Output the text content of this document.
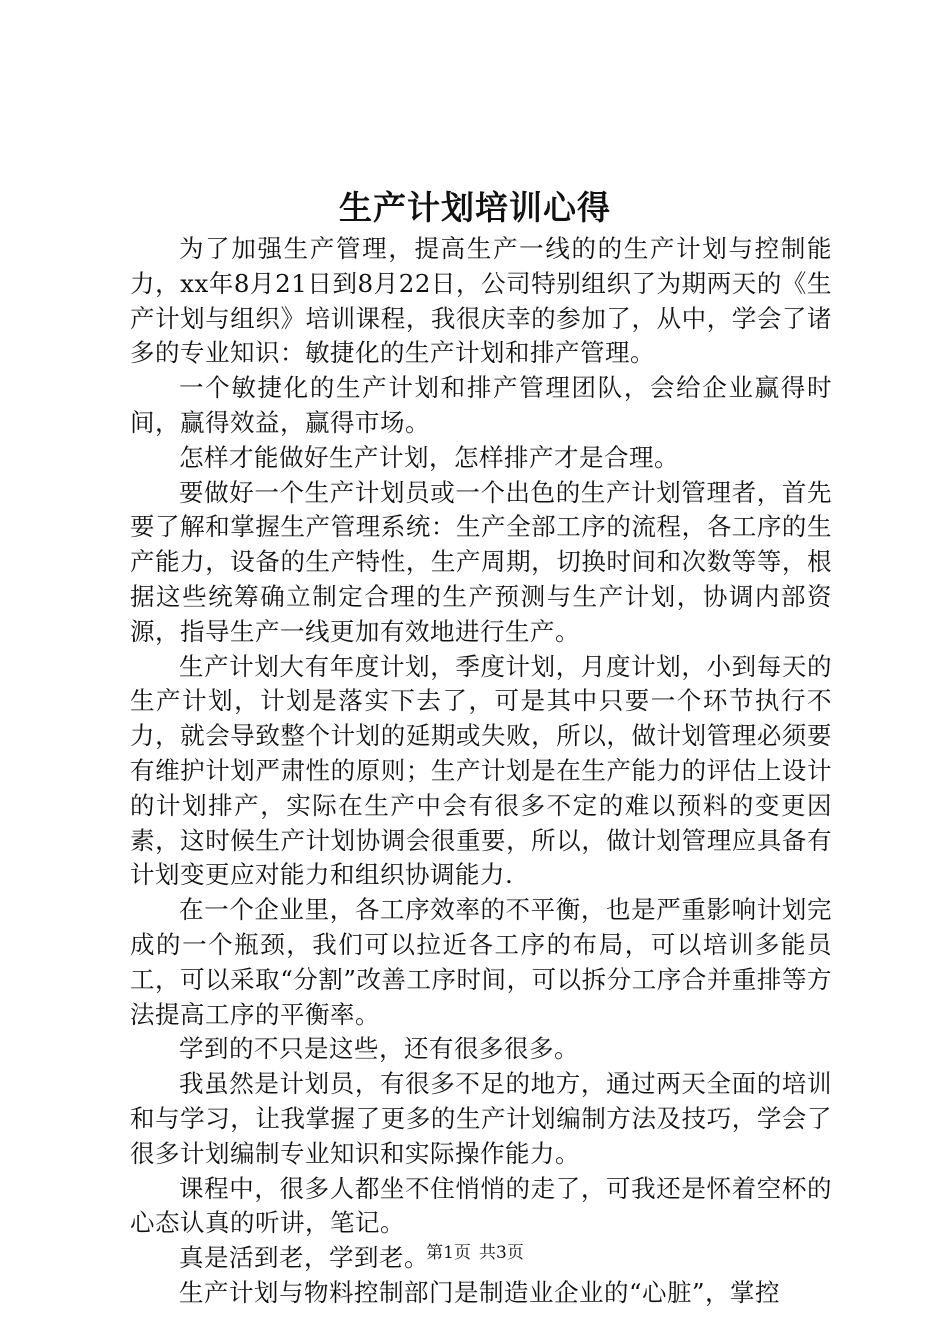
生产计划培训心得

为了加强生产管理，提高生产一线的的生产计划与控制能力，xx年8月21日到8月22日，公司特别组织了为期两天的《生产计划与组织》培训课程，我很庆幸的参加了，从中，学会了诸多的专业知识：敏捷化的生产计划和排产管理。

一个敏捷化的生产计划和排产管理团队，会给企业赢得时间，赢得效益，赢得市场。

怎样才能做好生产计划，怎样排产才是合理。

要做好一个生产计划员或一个出色的生产计划管理者，首先要了解和掌握生产管理系统：生产全部工序的流程，各工序的生产能力，设备的生产特性，生产周期，切换时间和次数等等，根据这些统筹确立制定合理的生产预测与生产计划，协调内部资源，指导生产一线更加有效地进行生产。

生产计划大有年度计划，季度计划，月度计划，小到每天的生产计划，计划是落实下去了，可是其中只要一个环节执行不力，就会导致整个计划的延期或失败，所以，做计划管理必须要有维护计划严肃性的原则；生产计划是在生产能力的评估上设计的计划排产，实际在生产中会有很多不定的难以预料的变更因素，这时候生产计划协调会很重要，所以，做计划管理应具备有计划变更应对能力和组织协调能力.

在一个企业里，各工序效率的不平衡，也是严重影响计划完成的一个瓶颈，我们可以拉近各工序的布局，可以培训多能员工，可以采取“分割”改善工序时间，可以拆分工序合并重排等方法提高工序的平衡率。

学到的不只是这些，还有很多很多。

我虽然是计划员，有很多不足的地方，通过两天全面的培训和与学习，让我掌握了更多的生产计划编制方法及技巧，学会了很多计划编制专业知识和实际操作能力。

课程中，很多人都坐不住悄悄的走了，可我还是怀着空杯的心态认真的听讲，笔记。

真是活到老，学到老。

生产计划与物料控制部门是制造业企业的“心脏”，掌控

第1页 共3页
